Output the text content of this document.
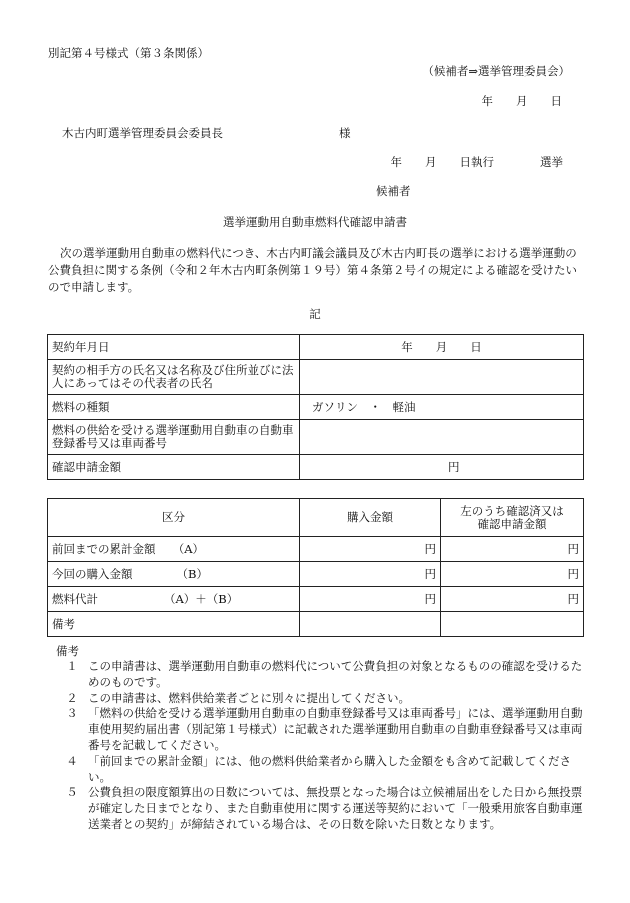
別記第４号様式（第３条関係）
（候補者⇒選挙管理委員会）
年　　月　　日
木古内町選挙管理委員会委員長	様
年　　月　　日執行　　　　選挙
候補者
選挙運動用自動車燃料代確認申請書
次の選挙運動用自動車の燃料代につき、木古内町議会議員及び木古内町長の選挙における選挙運動の公費負担に関する条例（令和２年木古内町条例第１９号）第４条第２号イの規定による確認を受けたいので申請します。
記
契約年月日	年　　月　　日
契約の相手方の氏名又は名称及び住所並びに法人にあってはその代表者の氏名	
燃料の種類	ガソリン　・　軽油
燃料の供給を受ける選挙運動用自動車の自動車登録番号又は車両番号	
確認申請金額	円
区分	購入金額	左のうち確認済又は確認申請金額
前回までの累計金額　　 （A）	円	円
今回の購入金額 （B）	円	円
燃料代計 （A）＋（B）	円	円
備考		
備考
１ この申請書は、選挙運動用自動車の燃料代について公費負担の対象となるものの確認を受けるためのものです。
２ この申請書は、燃料供給業者ごとに別々に提出してください。
３ 「燃料の供給を受ける選挙運動用自動車の自動車登録番号又は車両番号」には、選挙運動用自動車使用契約届出書（別記第１号様式）に記載された選挙運動用自動車の自動車登録番号又は車両番号を記載してください。
４ 「前回までの累計金額」には、他の燃料供給業者から購入した金額をも含めて記載してください。
５ 公費負担の限度額算出の日数については、無投票となった場合は立候補届出をした日から無投票が確定した日までとなり、また自動車使用に関する運送等契約において「一般乗用旅客自動車運送業者との契約」が締結されている場合は、その日数を除いた日数となります。
